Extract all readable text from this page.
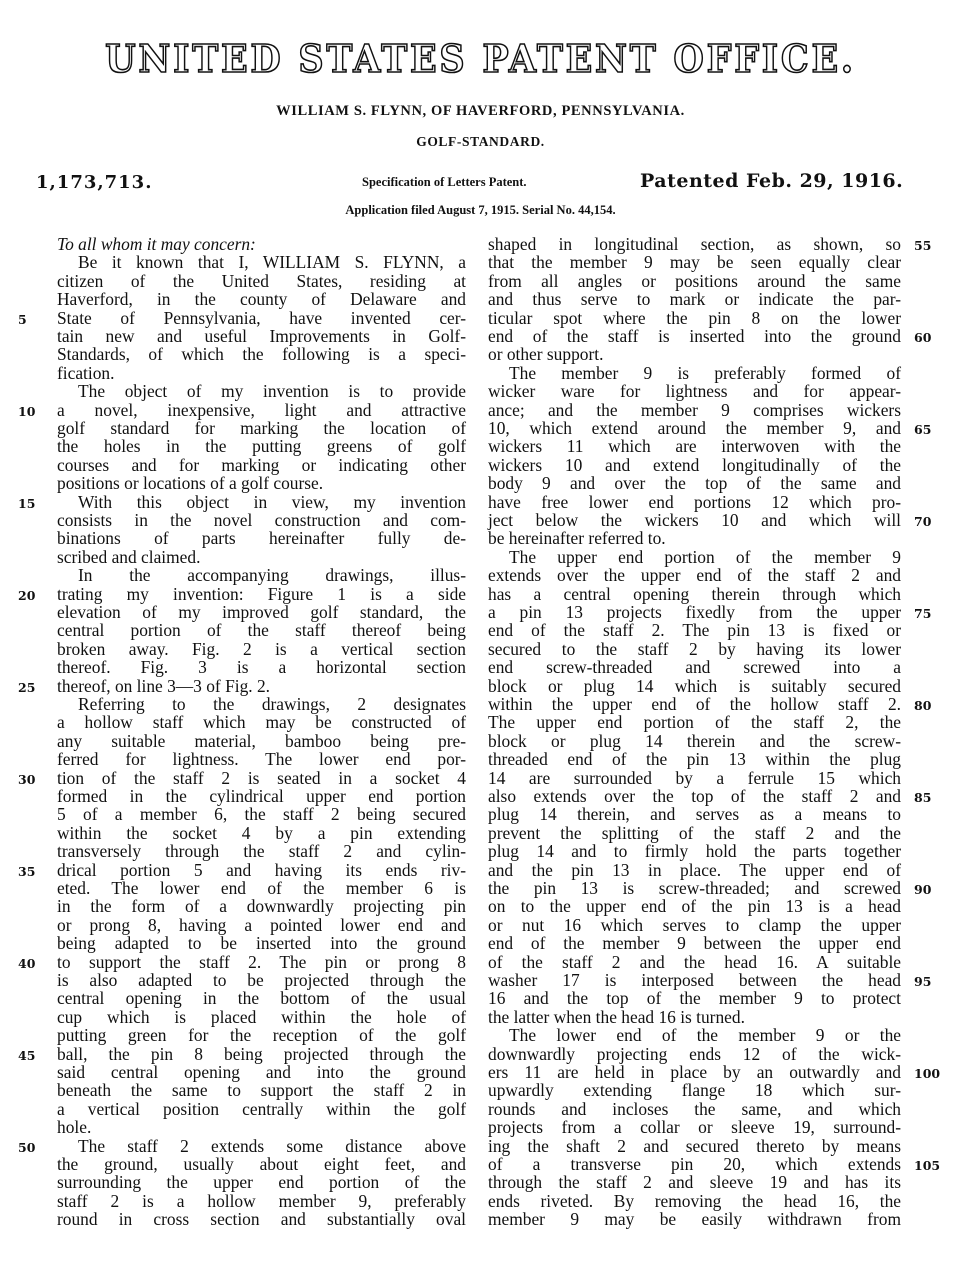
UNITED STATES PATENT OFFICE.
WILLIAM S. FLYNN, OF HAVERFORD, PENNSYLVANIA.
GOLF-STANDARD.
1,173,713.	Specification of Letters Patent.	Patented Feb. 29, 1916.
Application filed August 7, 1915. Serial No. 44,154.
To all whom it may concern:
Be it known that I, WILLIAM S. FLYNN, a
citizen of the United States, residing at
Haverford, in the county of Delaware and
State of Pennsylvania, have invented cer-
tain new and useful Improvements in Golf-
Standards, of which the following is a speci-
fication.
The object of my invention is to provide
a novel, inexpensive, light and attractive
golf standard for marking the location of
the holes in the putting greens of golf
courses and for marking or indicating other
positions or locations of a golf course.
With this object in view, my invention
consists in the novel construction and com-
binations of parts hereinafter fully de-
scribed and claimed.
In the accompanying drawings, illus-
trating my invention: Figure 1 is a side
elevation of my improved golf standard, the
central portion of the staff thereof being
broken away. Fig. 2 is a vertical section
thereof. Fig. 3 is a horizontal section
thereof, on line 3—3 of Fig. 2.
Referring to the drawings, 2 designates
a hollow staff which may be constructed of
any suitable material, bamboo being pre-
ferred for lightness. The lower end por-
tion of the staff 2 is seated in a socket 4
formed in the cylindrical upper end portion
5 of a member 6, the staff 2 being secured
within the socket 4 by a pin extending
transversely through the staff 2 and cylin-
drical portion 5 and having its ends riv-
eted. The lower end of the member 6 is
in the form of a downwardly projecting pin
or prong 8, having a pointed lower end and
being adapted to be inserted into the ground
to support the staff 2. The pin or prong 8
is also adapted to be projected through the
central opening in the bottom of the usual
cup which is placed within the hole of
putting green for the reception of the golf
ball, the pin 8 being projected through the
said central opening and into the ground
beneath the same to support the staff 2 in
a vertical position centrally within the golf
hole.
The staff 2 extends some distance above
the ground, usually about eight feet, and
surrounding the upper end portion of the
staff 2 is a hollow member 9, preferably
round in cross section and substantially oval
shaped in longitudinal section, as shown, so
that the member 9 may be seen equally clear
from all angles or positions around the same
and thus serve to mark or indicate the par-
ticular spot where the pin 8 on the lower
end of the staff is inserted into the ground
or other support.
The member 9 is preferably formed of
wicker ware for lightness and for appear-
ance; and the member 9 comprises wickers
10, which extend around the member 9, and
wickers 11 which are interwoven with the
wickers 10 and extend longitudinally of the
body 9 and over the top of the same and
have free lower end portions 12 which pro-
ject below the wickers 10 and which will
be hereinafter referred to.
The upper end portion of the member 9
extends over the upper end of the staff 2 and
has a central opening therein through which
a pin 13 projects fixedly from the upper
end of the staff 2. The pin 13 is fixed or
secured to the staff 2 by having its lower
end screw-threaded and screwed into a
block or plug 14 which is suitably secured
within the upper end of the hollow staff 2.
The upper end portion of the staff 2, the
block or plug 14 therein and the screw-
threaded end of the pin 13 within the plug
14 are surrounded by a ferrule 15 which
also extends over the top of the staff 2 and
plug 14 therein, and serves as a means to
prevent the splitting of the staff 2 and the
plug 14 and to firmly hold the parts together
and the pin 13 in place. The upper end of
the pin 13 is screw-threaded; and screwed
on to the upper end of the pin 13 is a head
or nut 16 which serves to clamp the upper
end of the member 9 between the upper end
of the staff 2 and the head 16. A suitable
washer 17 is interposed between the head
16 and the top of the member 9 to protect
the latter when the head 16 is turned.
The lower end of the member 9 or the
downwardly projecting ends 12 of the wick-
ers 11 are held in place by an outwardly and
upwardly extending flange 18 which sur-
rounds and incloses the same, and which
projects from a collar or sleeve 19, surround-
ing the shaft 2 and secured thereto by means
of a transverse pin 20, which extends
through the staff 2 and sleeve 19 and has its
ends riveted. By removing the head 16, the
member 9 may be easily withdrawn from
5
10
15
20
25
30
35
40
45
50
55
60
65
70
75
80
85
90
95
100
105
